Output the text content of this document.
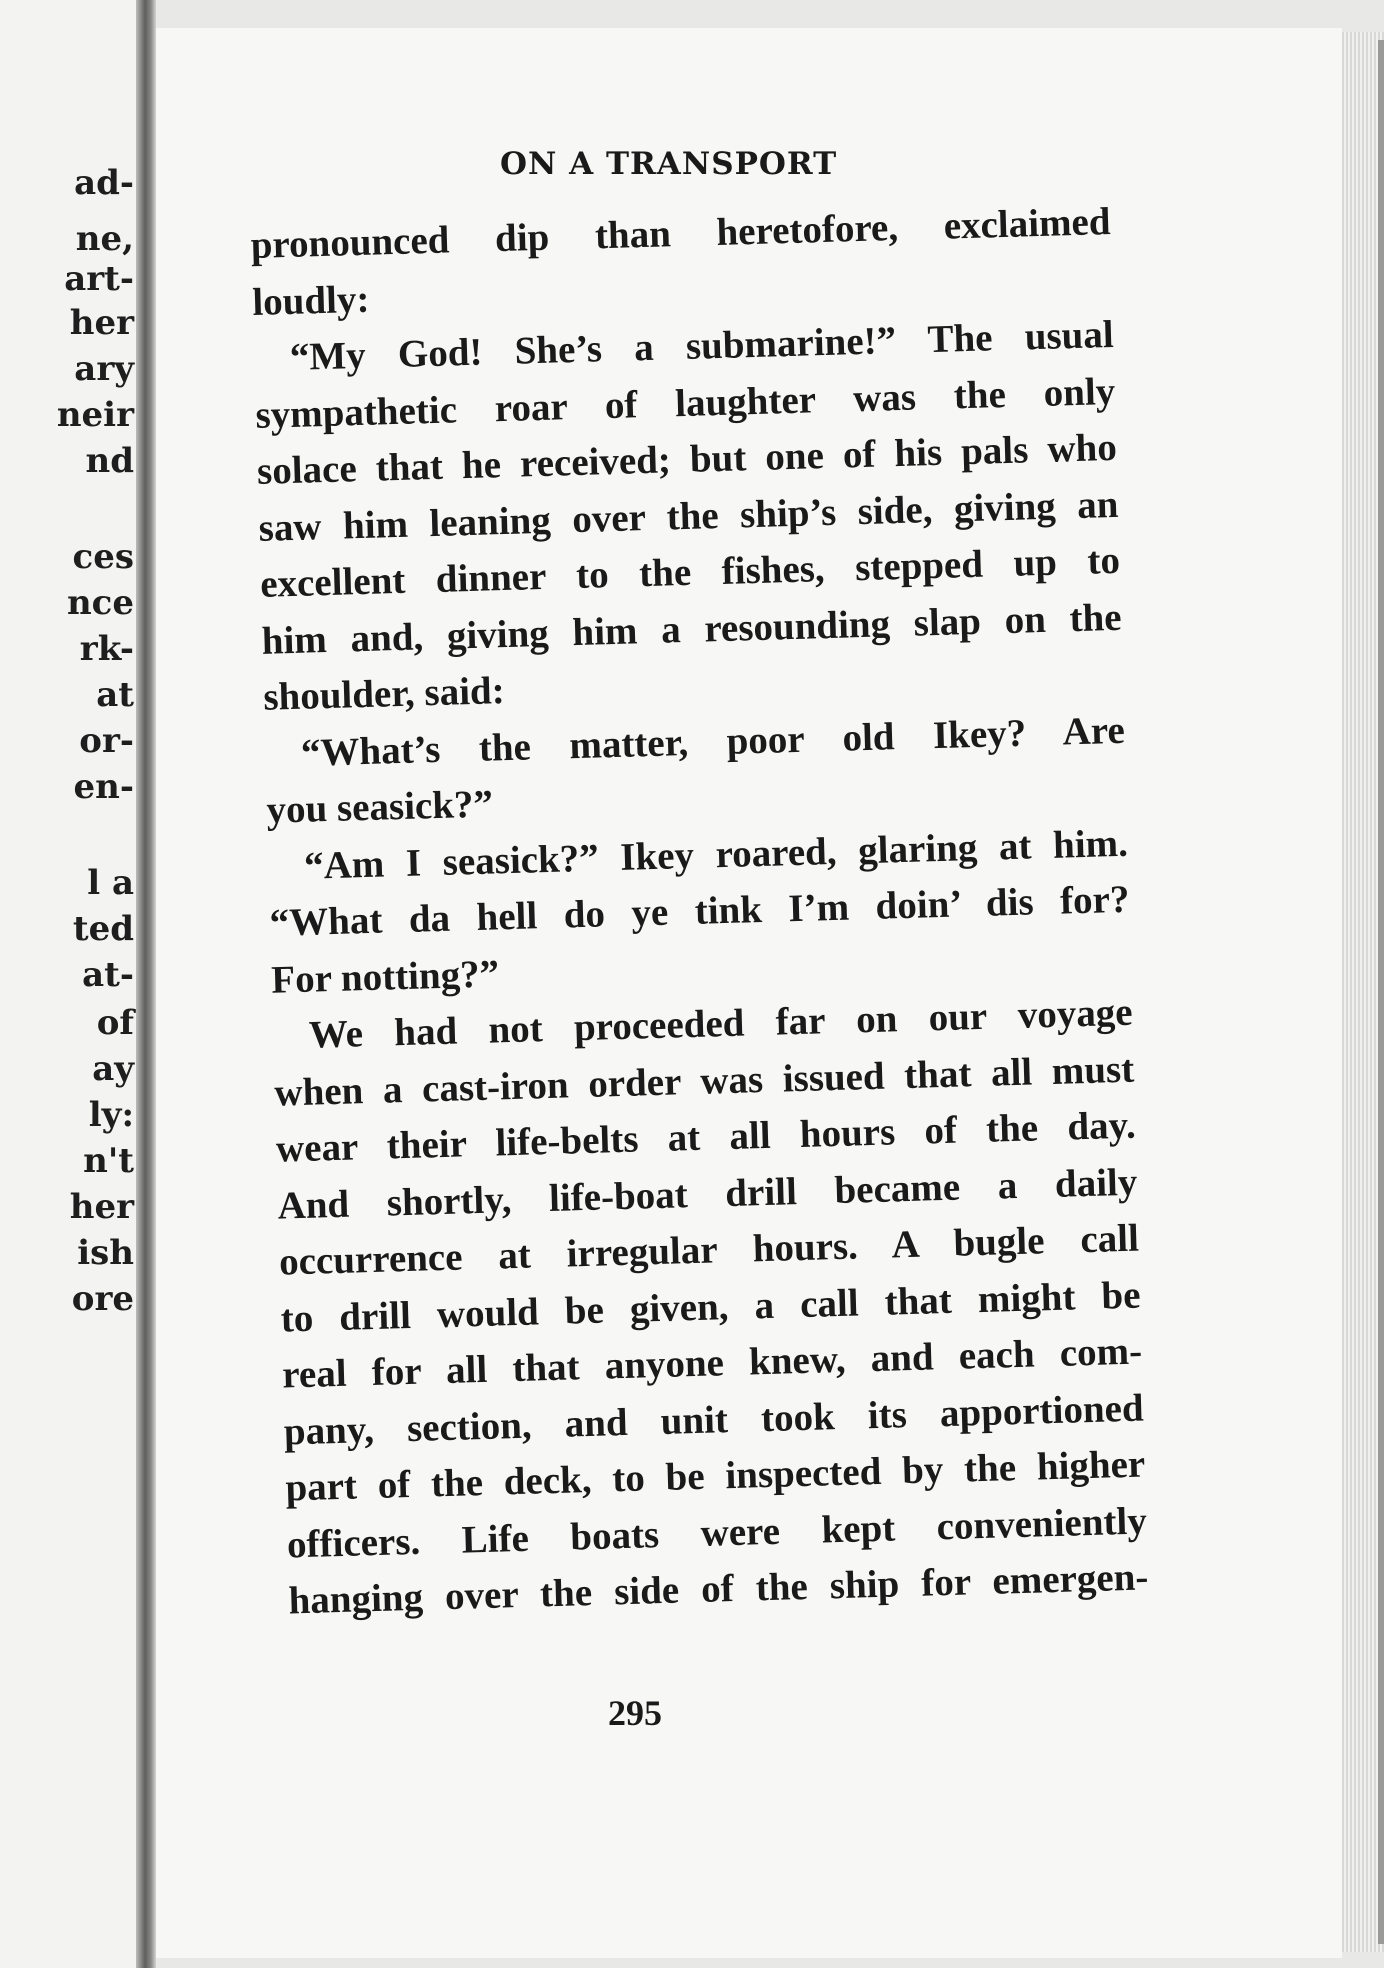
ad-
ne,
art-
her
ary
neir
nd
ces
nce
rk-
at
or-
en-
l a
ted
at-
of
ay
ly:
n't
her
ish
ore
ON A TRANSPORT
pronounced dip than heretofore, exclaimed
loudly:
“My God! She’s a submarine!” The usual
sympathetic roar of laughter was the only
solace that he received; but one of his pals who
saw him leaning over the ship’s side, giving an
excellent dinner to the fishes, stepped up to
him and, giving him a resounding slap on the
shoulder, said:
“What’s the matter, poor old Ikey? Are
you seasick?”
“Am I seasick?” Ikey roared, glaring at him.
“What da hell do ye tink I’m doin’ dis for?
For notting?”
We had not proceeded far on our voyage
when a cast-iron order was issued that all must
wear their life-belts at all hours of the day.
And shortly, life-boat drill became a daily
occurrence at irregular hours. A bugle call
to drill would be given, a call that might be
real for all that anyone knew, and each com-
pany, section, and unit took its apportioned
part of the deck, to be inspected by the higher
officers. Life boats were kept conveniently
hanging over the side of the ship for emergen-
295
